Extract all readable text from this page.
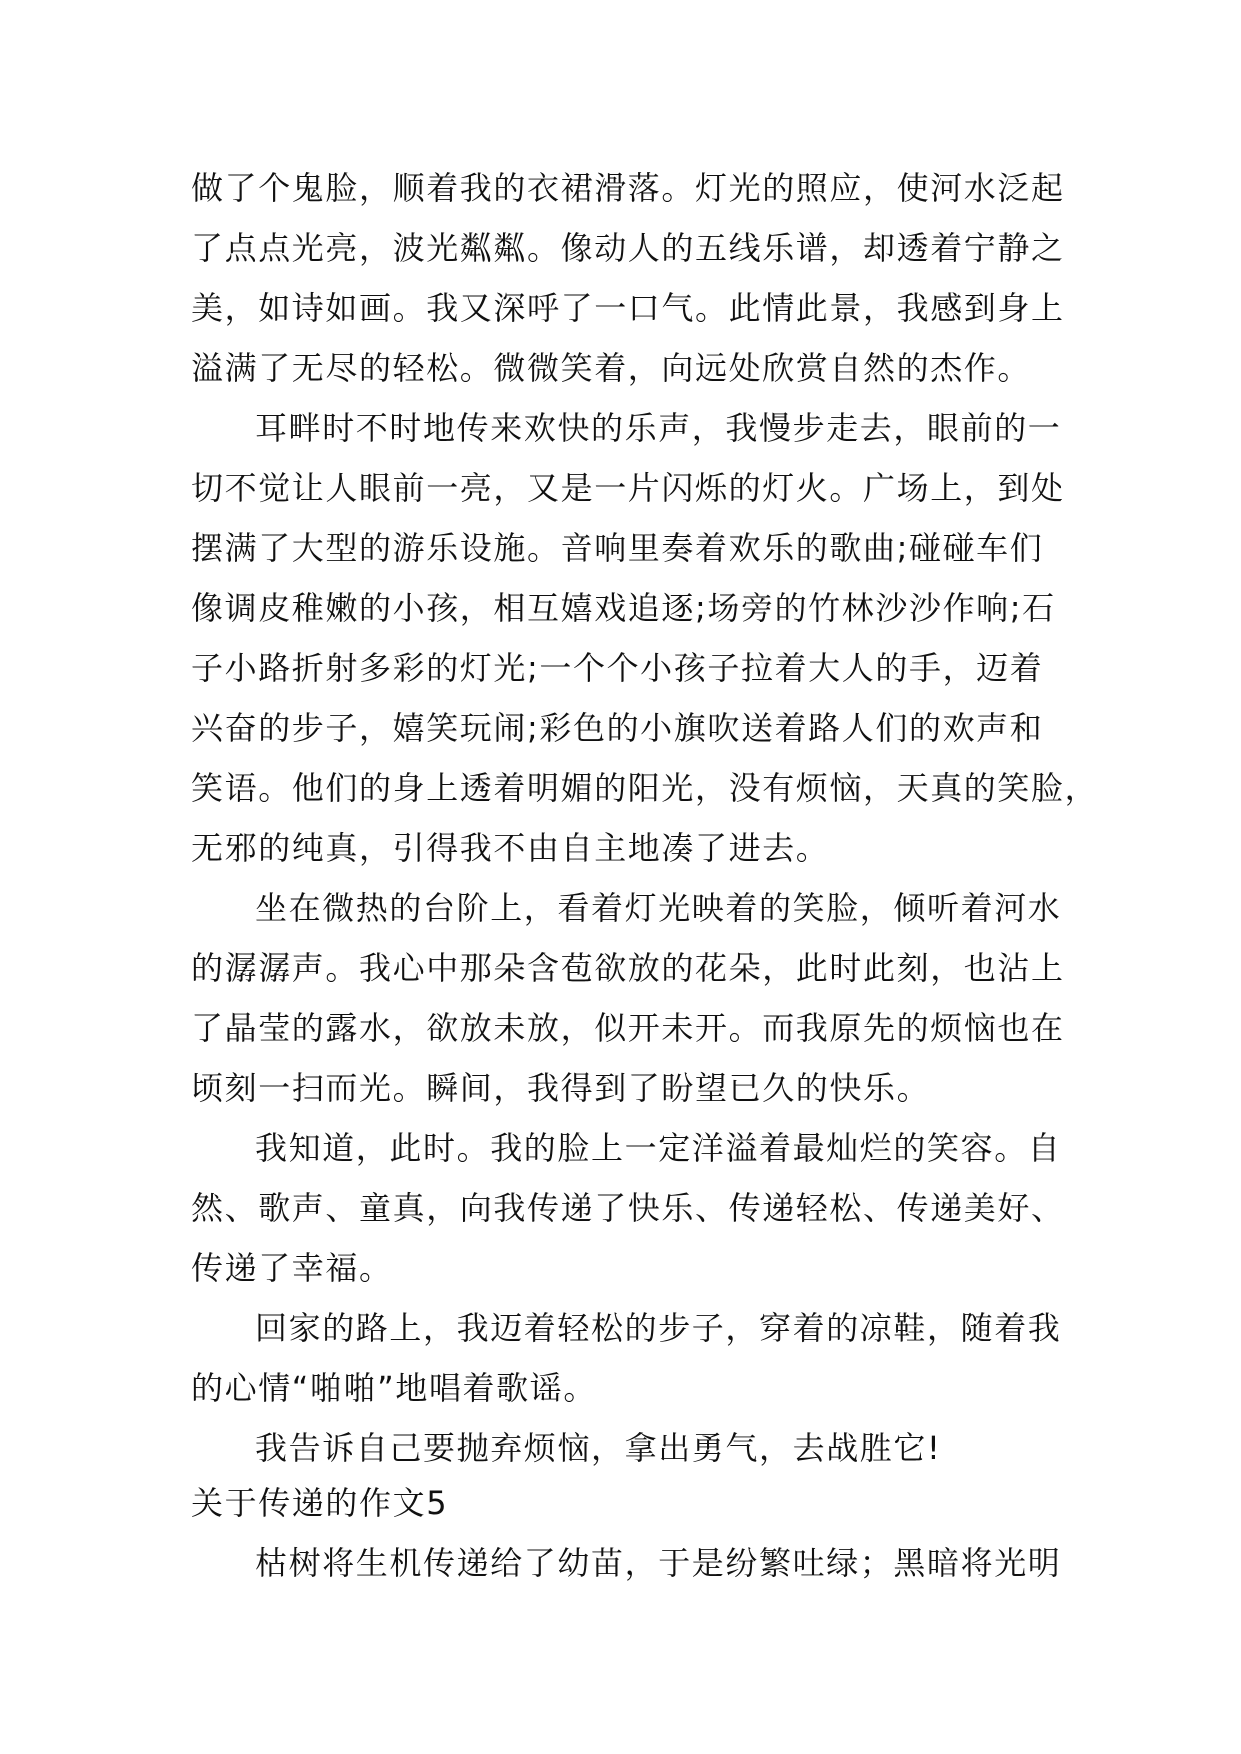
做了个鬼脸，顺着我的衣裙滑落。灯光的照应，使河水泛起
了点点光亮，波光粼粼。像动人的五线乐谱，却透着宁静之
美，如诗如画。我又深呼了一口气。此情此景，我感到身上
溢满了无尽的轻松。微微笑着，向远处欣赏自然的杰作。
耳畔时不时地传来欢快的乐声，我慢步走去，眼前的一
切不觉让人眼前一亮，又是一片闪烁的灯火。广场上，到处
摆满了大型的游乐设施。音响里奏着欢乐的歌曲;碰碰车们
像调皮稚嫩的小孩，相互嬉戏追逐;场旁的竹林沙沙作响;石
子小路折射多彩的灯光;一个个小孩子拉着大人的手，迈着
兴奋的步子，嬉笑玩闹;彩色的小旗吹送着路人们的欢声和
笑语。他们的身上透着明媚的阳光，没有烦恼，天真的笑脸，
无邪的纯真，引得我不由自主地凑了进去。
坐在微热的台阶上，看着灯光映着的笑脸，倾听着河水
的潺潺声。我心中那朵含苞欲放的花朵，此时此刻，也沾上
了晶莹的露水，欲放未放，似开未开。而我原先的烦恼也在
顷刻一扫而光。瞬间，我得到了盼望已久的快乐。
我知道，此时。我的脸上一定洋溢着最灿烂的笑容。自
然、歌声、童真，向我传递了快乐、传递轻松、传递美好、
传递了幸福。
回家的路上，我迈着轻松的步子，穿着的凉鞋，随着我
的心情“啪啪”地唱着歌谣。
我告诉自己要抛弃烦恼，拿出勇气，去战胜它!
关于传递的作文5
枯树将生机传递给了幼苗，于是纷繁吐绿；黑暗将光明
